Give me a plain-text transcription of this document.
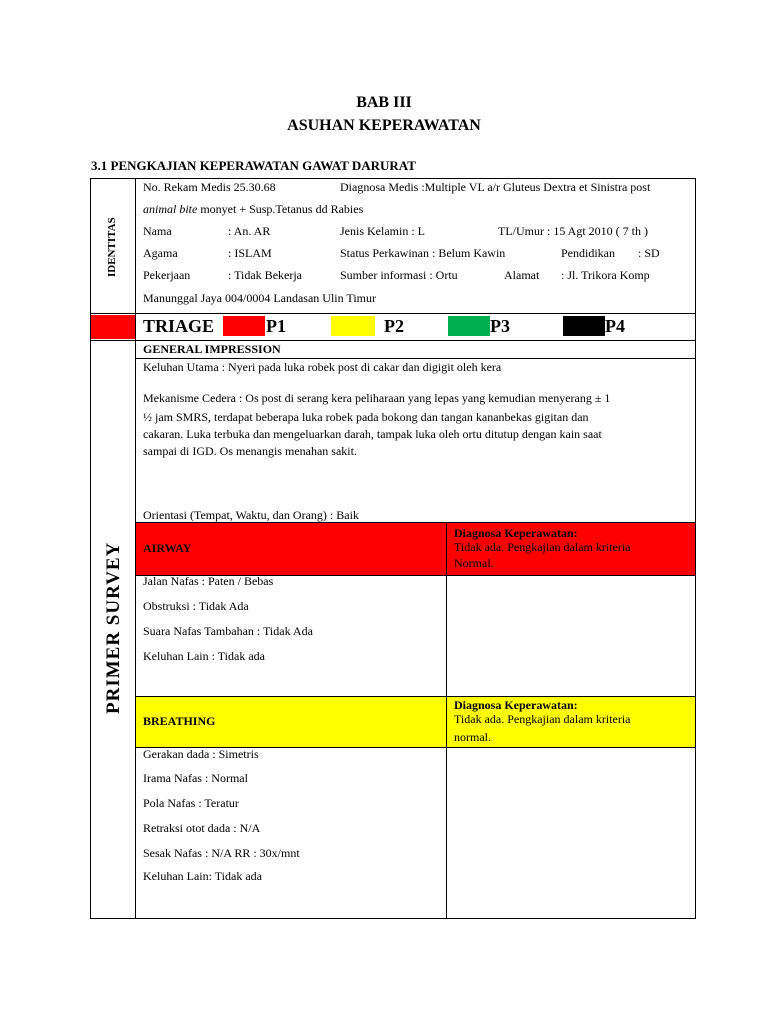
BAB III
ASUHAN KEPERAWATAN
3.1 PENGKAJIAN KEPERAWATAN GAWAT DARURAT
IDENTITAS
No. Rekam Medis 25.30.68	Diagnosa Medis :Multiple VL a/r Gluteus Dextra et Sinistra post
animal bite monyet + Susp.Tetanus dd Rabies
Nama	: An. AR	Jenis Kelamin : L	TL/Umur : 15 Agt 2010 ( 7 th )
Agama	: ISLAM	Status Perkawinan : Belum Kawin	Pendidikan : SD
Pekerjaan	: Tidak Bekerja	Sumber informasi : Ortu	Alamat : Jl. Trikora Komp
Manunggal Jaya 004/0004 Landasan Ulin Timur
TRIAGE	P1	P2	P3	P4
PRIMER SURVEY
GENERAL IMPRESSION
Keluhan Utama : Nyeri pada luka robek post di cakar dan digigit oleh kera
Mekanisme Cedera : Os post di serang kera peliharaan yang lepas yang kemudian menyerang ± 1
½ jam SMRS, terdapat beberapa luka robek pada bokong dan tangan kananbekas gigitan dan
cakaran. Luka terbuka dan mengeluarkan darah, tampak luka oleh ortu ditutup dengan kain saat
sampai di IGD. Os menangis menahan sakit.
Orientasi (Tempat, Waktu, dan Orang) : Baik
AIRWAY
Diagnosa Keperawatan:
Tidak ada. Pengkajian dalam kriteria
Normal.
Jalan Nafas : Paten / Bebas
Obstruksi : Tidak Ada
Suara Nafas Tambahan : Tidak Ada
Keluhan Lain : Tidak ada
BREATHING
Diagnosa Keperawatan:
Tidak ada. Pengkajian dalam kriteria
normal.
Gerakan dada : Simetris
Irama Nafas : Normal
Pola Nafas : Teratur
Retraksi otot dada : N/A
Sesak Nafas : N/A RR : 30x/mnt
Keluhan Lain: Tidak ada
